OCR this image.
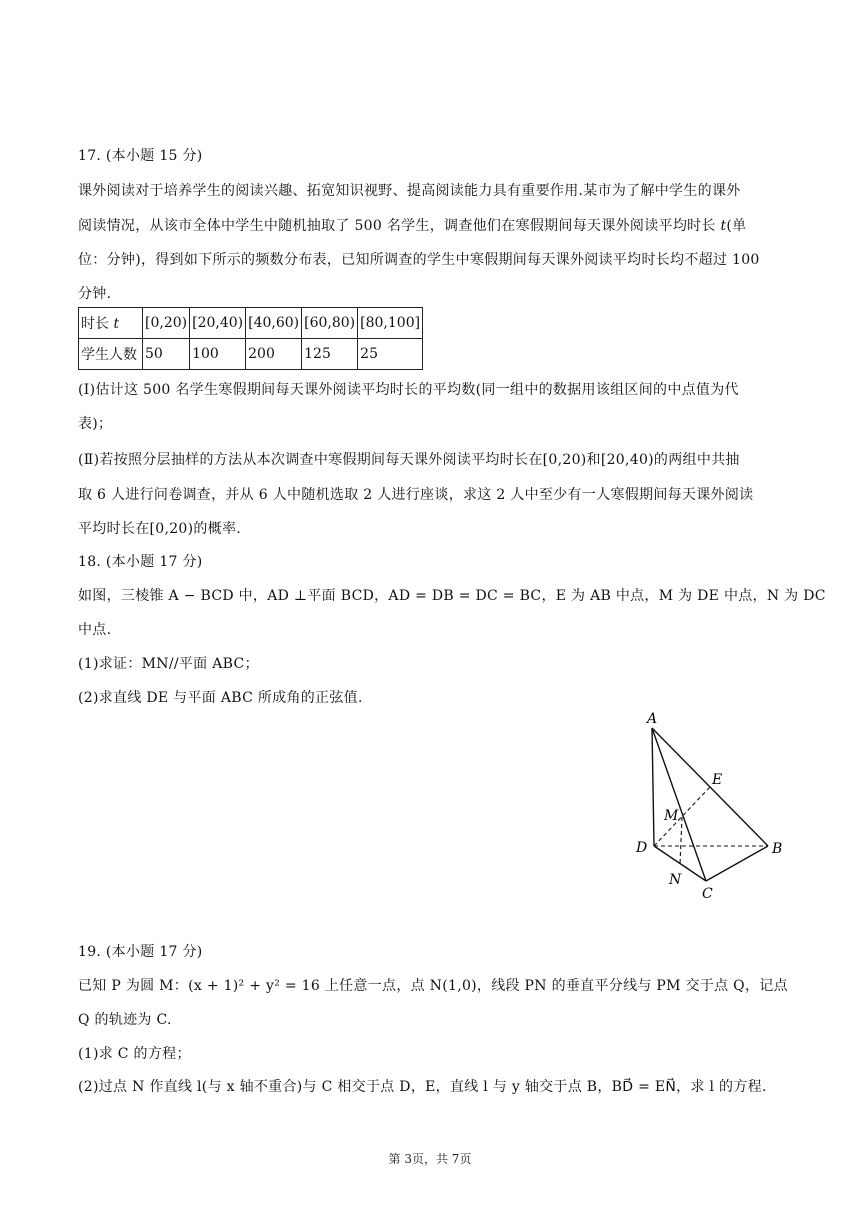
17. (本小题 15 分)
课外阅读对于培养学生的阅读兴趣、拓宽知识视野、提高阅读能力具有重要作用.某市为了解中学生的课外
阅读情况，从该市全体中学生中随机抽取了 500 名学生，调查他们在寒假期间每天课外阅读平均时长 t(单
位：分钟)，得到如下所示的频数分布表，已知所调查的学生中寒假期间每天课外阅读平均时长均不超过 100
分钟.
时长 t	[0,20)	[20,40)	[40,60)	[60,80)	[80,100]
学生人数	50	100	200	125	25
(Ⅰ)估计这 500 名学生寒假期间每天课外阅读平均时长的平均数(同一组中的数据用该组区间的中点值为代
表)；
(Ⅱ)若按照分层抽样的方法从本次调查中寒假期间每天课外阅读平均时长在[0,20)和[20,40)的两组中共抽
取 6 人进行问卷调查，并从 6 人中随机选取 2 人进行座谈，求这 2 人中至少有一人寒假期间每天课外阅读
平均时长在[0,20)的概率.
18. (本小题 17 分)
如图，三棱锥 A − BCD 中，AD ⊥平面 BCD，AD = DB = DC = BC，E 为 AB 中点，M 为 DE 中点，N 为 DC
中点.
(1)求证：MN//平面 ABC；
(2)求直线 DE 与平面 ABC 所成角的正弦值.
A
E
M
D	B
N
C
19. (本小题 17 分)
已知 P 为圆 M：(x + 1)² + y² = 16 上任意一点，点 N(1,0)，线段 PN 的垂直平分线与 PM 交于点 Q，记点
Q 的轨迹为 C.
(1)求 C 的方程；
(2)过点 N 作直线 l(与 x 轴不重合)与 C 相交于点 D，E，直线 l 与 y 轴交于点 B，BD⃗ = EN⃗，求 l 的方程.
第 3页，共 7页
